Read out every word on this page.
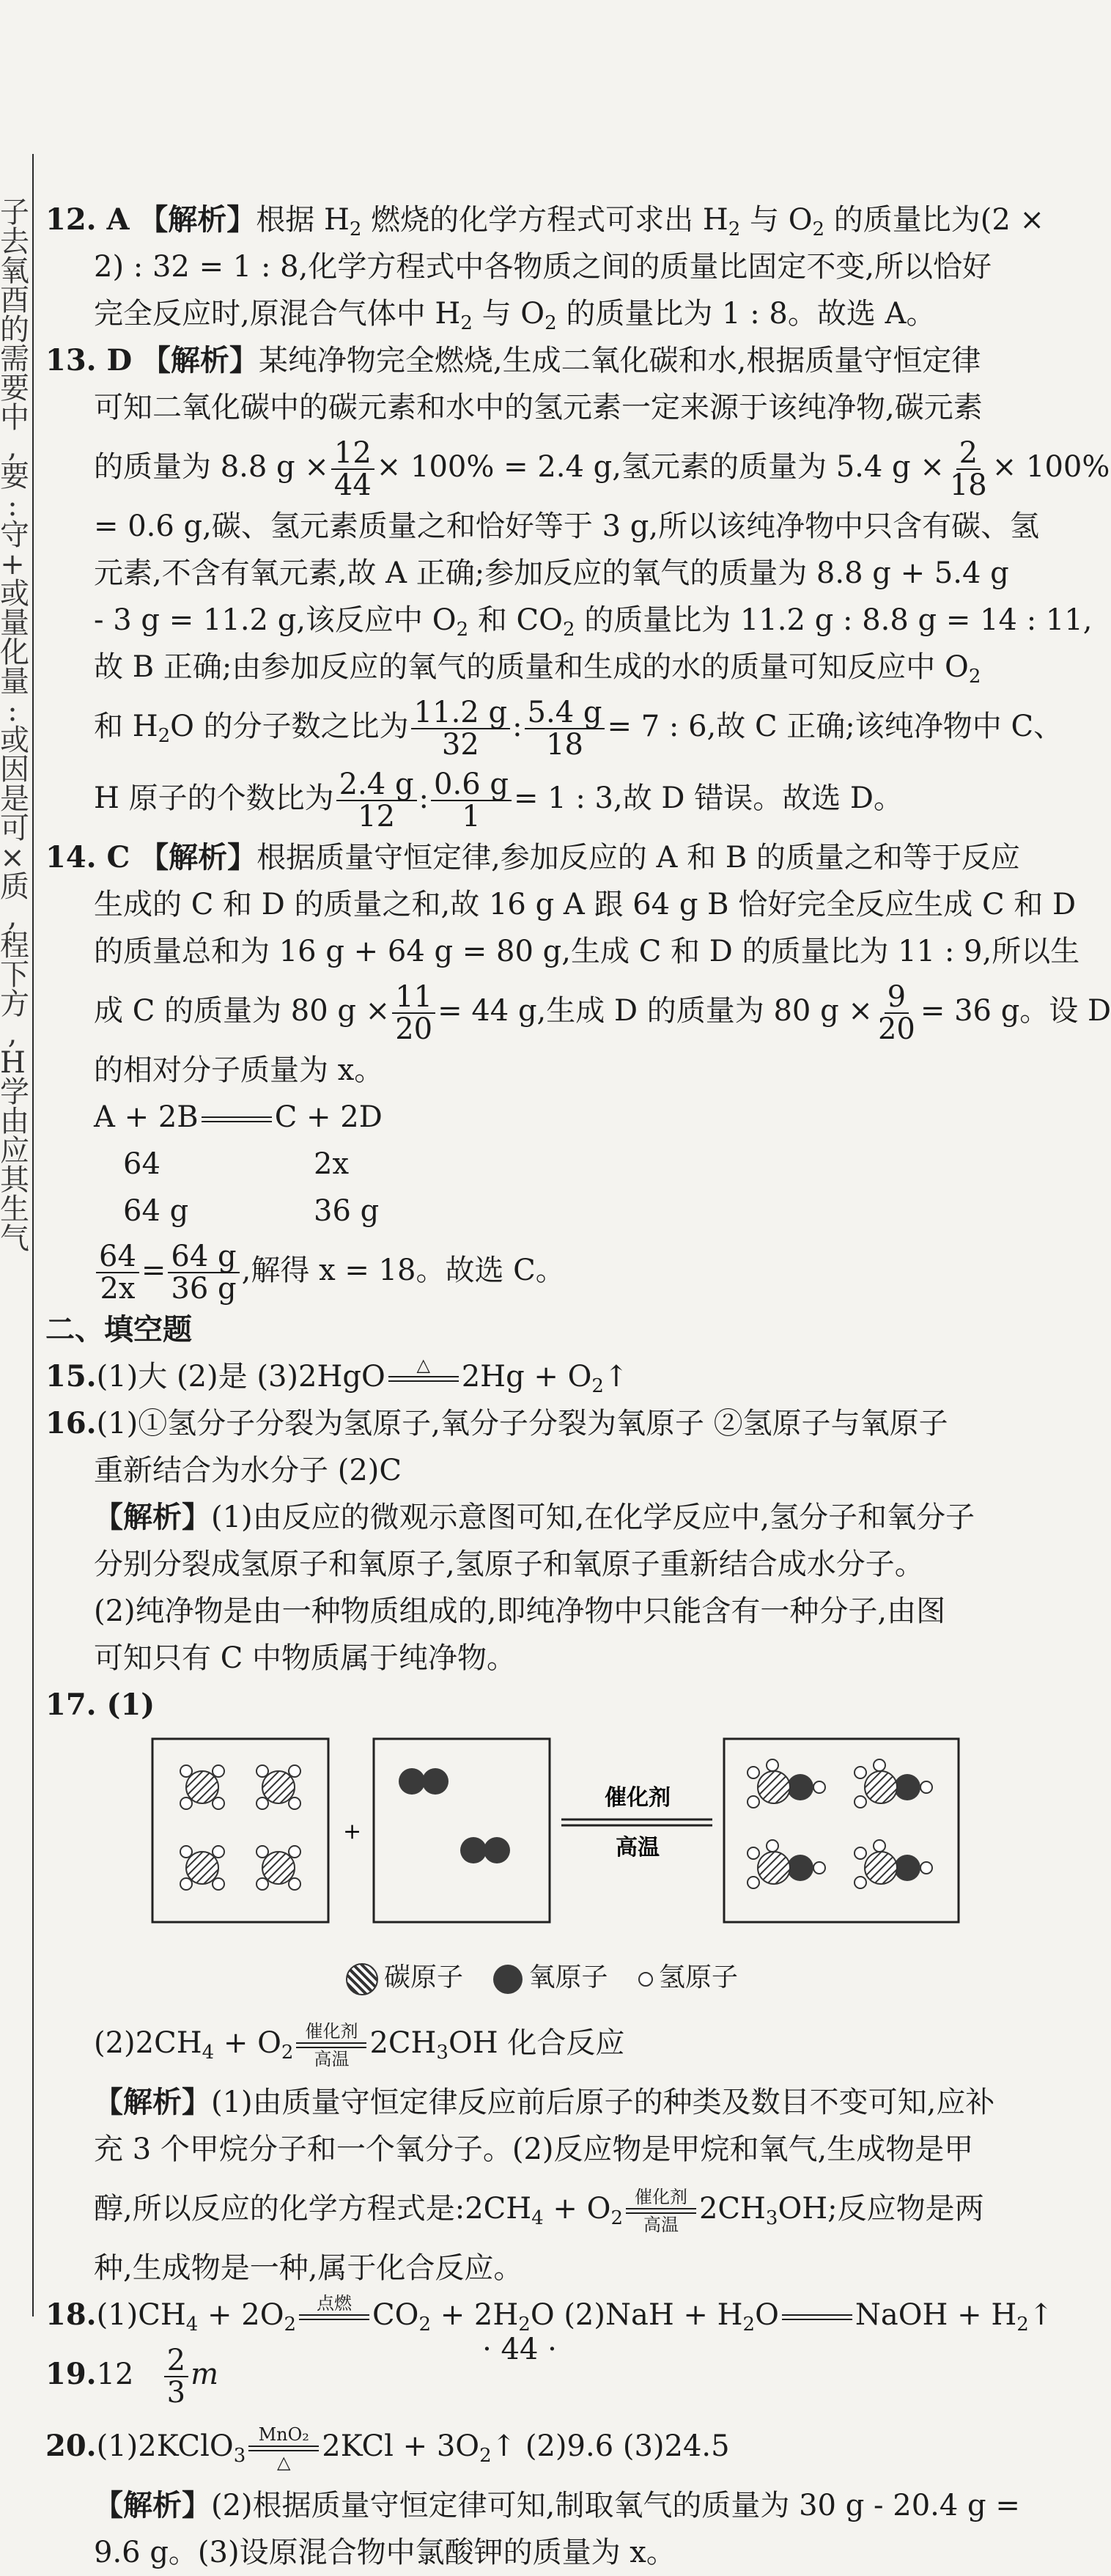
子
去
氧
酉
的
需
要
中
,
要
:
守
+
或
量
化
量
:
或
因
是
可
×
质
,
程
下
方
,
H
学
由
应
其
生
气
12. A 【解析】根据 $H_2$ 燃烧的化学方程式可求出 $H_2$ 与 $O_2$ 的质量比为(2 ×
2) : 32 = 1 : 8,化学方程式中各物质之间的质量比固定不变,所以恰好
完全反应时,原混合气体中 $H_2$ 与 $O_2$ 的质量比为 1 : 8。故选 A。
13. D 【解析】某纯净物完全燃烧,生成二氧化碳和水,根据质量守恒定律
可知二氧化碳中的碳元素和水中的氢元素一定来源于该纯净物,碳元素
的质量为 8.8 $g \times \frac{12}{44} \times 100\% = 2.4$ g,氢元素的质量为 5.4 $g \times \frac{2}{18} \times 100\%$
= 0.6 g,碳、氢元素质量之和恰好等于 3 g,所以该纯净物中只含有碳、氢
元素,不含有氧元素,故 A 正确;参加反应的氧气的质量为 8.8 g + 5.4 g
- 3 g = 11.2 g,该反应中 $O_2$ 和 $CO_2$ 的质量比为 11.2 g : 8.8 g = 14 : 11,
故 B 正确;由参加反应的氧气的质量和生成的水的质量可知反应中 $O_2$
和 $H_2O$ 的分子数之比为 $\frac{11.2 g}{32}$ : $\frac{5.4 g}{18} = 7$ : 6,故 C 正确;该纯净物中 C、
H 原子的个数比为 $\frac{2.4 g}{12}$ : $\frac{0.6 g}{1} = 1$ : 3,故 D 错误。故选 D。
14. C 【解析】根据质量守恒定律,参加反应的 A 和 B 的质量之和等于反应
生成的 C 和 D 的质量之和,故 16 g A 跟 64 g B 恰好完全反应生成 C 和 D
的质量总和为 16 g + 64 g = 80 g,生成 C 和 D 的质量比为 11 : 9,所以生
成 C 的质量为 80 $g \times \frac{11}{20} = 44$ g,生成 D 的质量为 80 $g \times \frac{9}{20} = 36$ g。设 D
的相对分子质量为 x。
A + 2B	C + 2D
64	2x
64 g	36 g
$\frac{64}{2x} = \frac{64 g}{36 g}$ ,解得 x = 18。故选 C。
二、填空题
15.(1)大 (2)是 (3)2HgO △ $2Hg + O_2↑$
16.(1)①氢分子分裂为氢原子,氧分子分裂为氧原子 ②氢原子与氧原子
重新结合为水分子 (2)C
【解析】(1)由反应的微观示意图可知,在化学反应中,氢分子和氧分子
分别分裂成氢原子和氧原子,氢原子和氧原子重新结合成水分子。
(2)纯净物是由一种物质组成的,即纯净物中只能含有一种分子,由图
可知只有 C 中物质属于纯净物。
17. (1)
+
催化剂
高温
碳原子 氧原子 氢原子
$(2)2CH_4 + O_2$
催化剂
高温 $2CH_3OH$ 化合反应
【解析】(1)由质量守恒定律反应前后原子的种类及数目不变可知,应补
充 3 个甲烷分子和一个氧分子。(2)反应物是甲烷和氧气,生成物是甲
醇,所以反应的化学方程式是$:2CH_4 + O_2$
催化剂
高温 $2CH_3OH$;反应物是两
种,生成物是一种,属于化合反应。
$18.(1)CH_4 + 2O_2$
点燃 $CO_2 + 2H_2O$ $(2)NaH + H_2O$	NaOH + $H_2↑$
$19.12 \frac{2}{3}$ m
20.(1)2KClO$_3$
MnO₂
△ $2KCl + 3O_2↑$ (2)9.6 (3)24.5
【解析】(2)根据质量守恒定律可知,制取氧气的质量为 30 g - 20.4 g =
9.6 g。(3)设原混合物中氯酸钾的质量为 x。
· 44 ·
